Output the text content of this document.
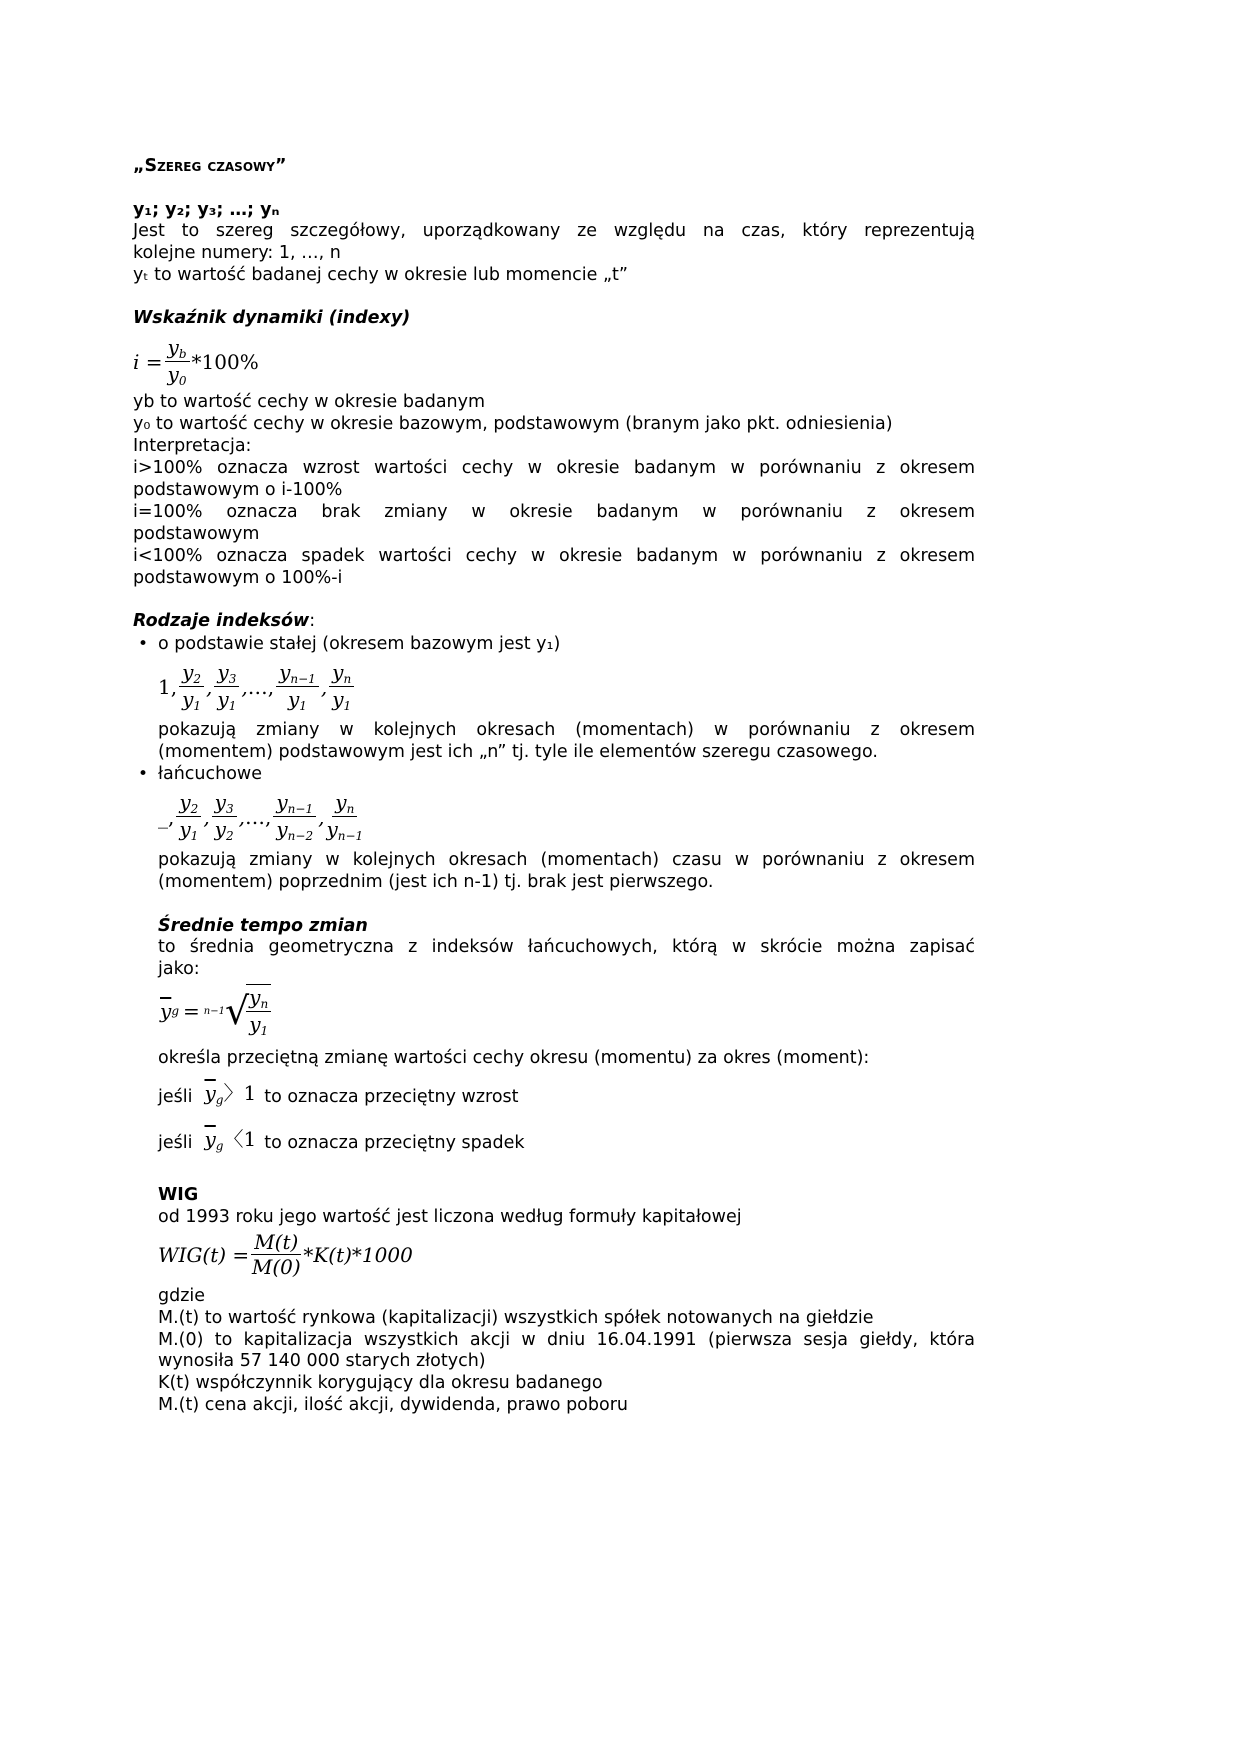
„Szereg czasowy”
y₁; y₂; y₃; …; yₙ
Jest to szereg szczegółowy, uporządkowany ze względu na czas, który reprezentują
kolejne numery: 1, …, n
yₜ to wartość badanej cechy w okresie lub momencie „t”
Wskaźnik dynamiki (indexy)
$i = \frac{y_b}{y_0} *100\%$
yb to wartość cechy w okresie badanym
y₀ to wartość cechy w okresie bazowym, podstawowym (branym jako pkt. odniesienia)
Interpretacja:
i>100% oznacza wzrost wartości cechy w okresie badanym w porównaniu z okresem
podstawowym o i-100%
i=100% oznacza brak zmiany w okresie badanym w porównaniu z okresem
podstawowym
i<100% oznacza spadek wartości cechy w okresie badanym w porównaniu z okresem
podstawowym o 100%-i
Rodzaje indeksów:
• o podstawie stałej (okresem bazowym jest y₁)
1,
$y_2$
$y_1$
,
$y_3$
$y_1$
, …,
$y_{n-1}$
$y_1$
,
$y_n$
$y_1$
pokazują zmiany w kolejnych okresach (momentach) w porównaniu z okresem
(momentem) podstawowym jest ich „n” tj. tyle ile elementów szeregu czasowego.
• łańcuchowe
_,
$y_2$
$y_1$
,
$y_3$
$y_2$
, …,
$y_{n-1}$
$y_{n-2}$
,
$y_n$
$y_{n-1}$
pokazują zmiany w kolejnych okresach (momentach) czasu w porównaniu z okresem
(momentem) poprzednim (jest ich n-1) tj. brak jest pierwszego.
Średnie tempo zmian
to średnia geometryczna z indeksów łańcuchowych, którą w skrócie można zapisać
jako:
$\overline{y}$ g = n−1 √ $y_n$
$y_1$
określa przeciętną zmianę wartości cechy okresu (momentu) za okres (moment):
jeśli $\overline{y}_g$〉1 to oznacza przeciętny wzrost
jeśli $\overline{y}_g$〈1 to oznacza przeciętny spadek
WIG
od 1993 roku jego wartość jest liczona według formuły kapitałowej
$WIG(t) = \frac{M(t)}{M(0)} *K(t)*1000$
gdzie
M.(t) to wartość rynkowa (kapitalizacji) wszystkich spółek notowanych na giełdzie
M.(0) to kapitalizacja wszystkich akcji w dniu 16.04.1991 (pierwsza sesja giełdy, która
wynosiła 57 140 000 starych złotych)
K(t) współczynnik korygujący dla okresu badanego
M.(t) cena akcji, ilość akcji, dywidenda, prawo poboru
